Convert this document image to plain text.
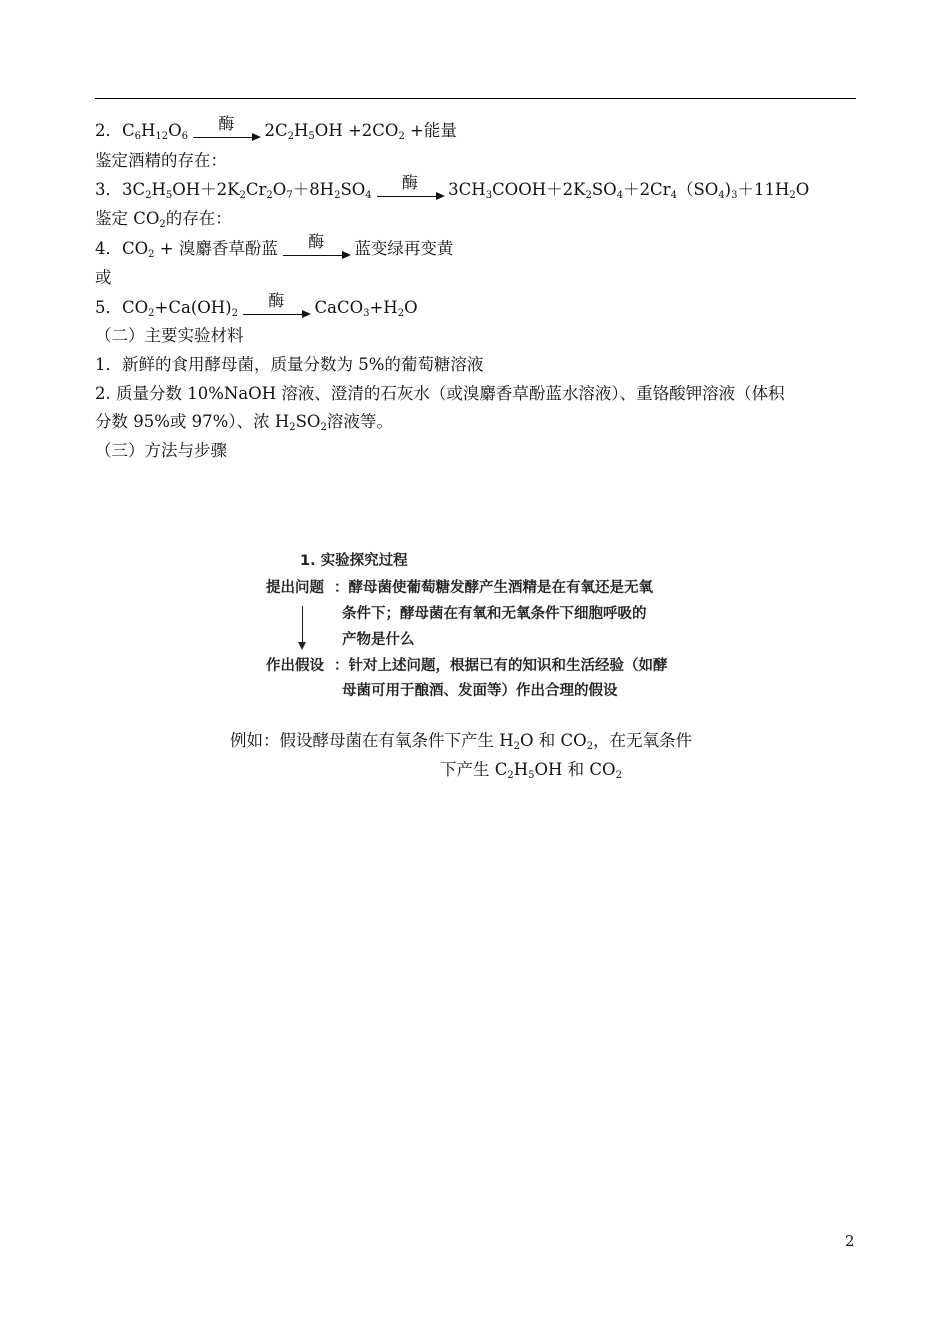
2．$C_6H_{12}O_6$
酶	$2C_2H_5OH +2CO_2$ +能量
鉴定酒精的存在：
3．$3C_2H_5OH+2K_2Cr_2O_7+8H_2SO_4$
酶	$3CH_3COOH+2K_2SO_4+2Cr_4(SO_4)_3+11H_2O$
鉴定 $CO_2$的存在：
4．$CO_2$ + 溴麝香草酚蓝	酶	蓝变绿再变黄
或
5．$CO_2+Ca(OH)_2$
酶	$CaCO_3+H_2O$
（二）主要实验材料
1．新鲜的食用酵母菌，质量分数为 5%的葡萄糖溶液
2. 质量分数 10%NaOH 溶液、澄清的石灰水（或溴麝香草酚蓝水溶液）、重铬酸钾溶液（体积
分数 95%或 97%）、浓 $H_2SO_2$溶液等。
（三）方法与步骤
1. 实验探究过程
提出问题 ：酵母菌使葡萄糖发酵产生酒精是在有氧还是无氧
条件下；酵母菌在有氧和无氧条件下细胞呼吸的
产物是什么
作出假设 ：针对上述问题，根据已有的知识和生活经验（如酵
母菌可用于酿酒、发面等）作出合理的假设
例如：假设酵母菌在有氧条件下产生 $H_2O$ 和 $CO_2$，在无氧条件
下产生 $C_2H_5OH$ 和 $CO_2$
2
